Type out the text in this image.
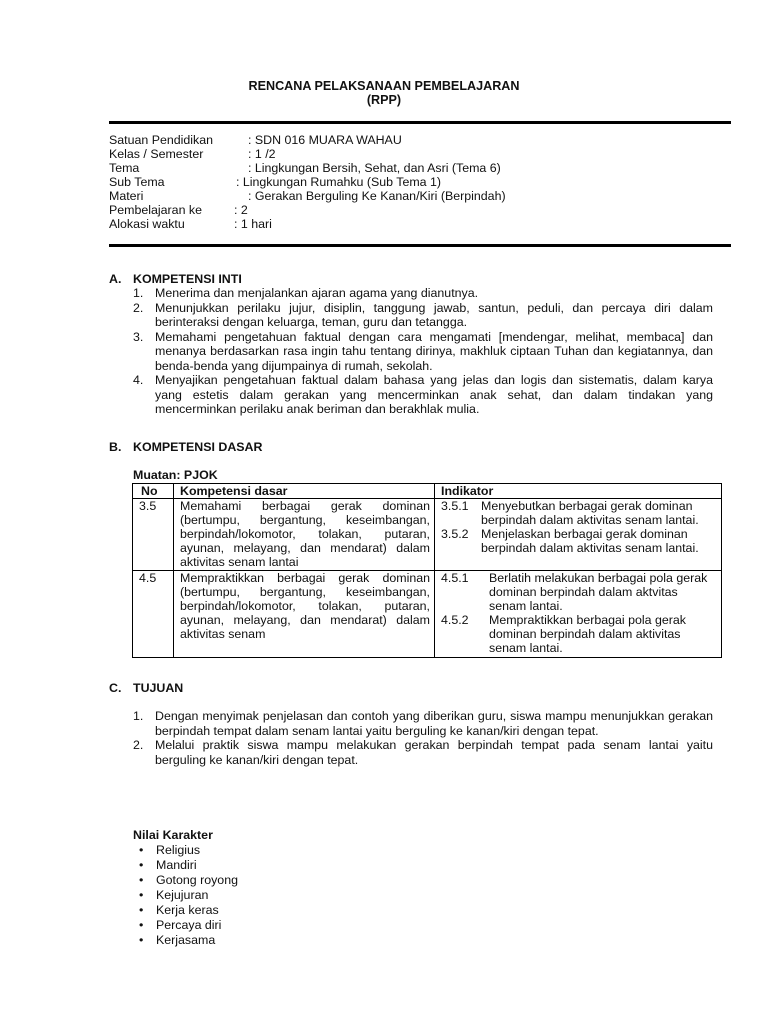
RENCANA PELAKSANAAN PEMBELAJARAN
(RPP)
Satuan Pendidikan	: SDN 016 MUARA WAHAU
Kelas / Semester	: 1 /2
Tema	: Lingkungan Bersih, Sehat, dan Asri (Tema 6)
Sub Tema	: Lingkungan Rumahku (Sub Tema 1)
Materi	: Gerakan Berguling Ke Kanan/Kiri (Berpindah)
Pembelajaran ke	: 2
Alokasi waktu	: 1 hari
A. KOMPETENSI INTI
1. Menerima dan menjalankan ajaran agama yang dianutnya.
2. Menunjukkan perilaku jujur, disiplin, tanggung jawab, santun, peduli, dan percaya diri dalam berinteraksi dengan keluarga, teman, guru dan tetangga.
3. Memahami pengetahuan faktual dengan cara mengamati [mendengar, melihat, membaca] dan menanya berdasarkan rasa ingin tahu tentang dirinya, makhluk ciptaan Tuhan dan kegiatannya, dan benda-benda yang dijumpainya di rumah, sekolah.
4. Menyajikan pengetahuan faktual dalam bahasa yang jelas dan logis dan sistematis, dalam karya yang estetis dalam gerakan yang mencerminkan anak sehat, dan dalam tindakan yang mencerminkan perilaku anak beriman dan berakhlak mulia.
B. KOMPETENSI DASAR
Muatan: PJOK
No	Kompetensi dasar	Indikator
3.5	Memahami berbagai gerak dominan (bertumpu, bergantung, keseimbangan, berpindah/lokomotor, tolakan, putaran, ayunan, melayang, dan mendarat) dalam aktivitas senam lantai	3.5.1 Menyebutkan berbagai gerak dominan berpindah dalam aktivitas senam lantai.
3.5.2 Menjelaskan berbagai gerak dominan berpindah dalam aktivitas senam lantai.

4.5	Mempraktikkan berbagai gerak dominan (bertumpu, bergantung, keseimbangan, berpindah/lokomotor, tolakan, putaran, ayunan, melayang, dan mendarat) dalam aktivitas senam	4.5.1 Berlatih melakukan berbagai pola gerak dominan berpindah dalam aktvitas senam lantai.
4.5.2 Mempraktikkan berbagai pola gerak dominan berpindah dalam aktivitas senam lantai.
C. TUJUAN
1. Dengan menyimak penjelasan dan contoh yang diberikan guru, siswa mampu menunjukkan gerakan berpindah tempat dalam senam lantai yaitu berguling ke kanan/kiri dengan tepat.
2. Melalui praktik siswa mampu melakukan gerakan berpindah tempat pada senam lantai yaitu berguling ke kanan/kiri dengan tepat.
Nilai Karakter
• Religius
• Mandiri
• Gotong royong
• Kejujuran
• Kerja keras
• Percaya diri
• Kerjasama
